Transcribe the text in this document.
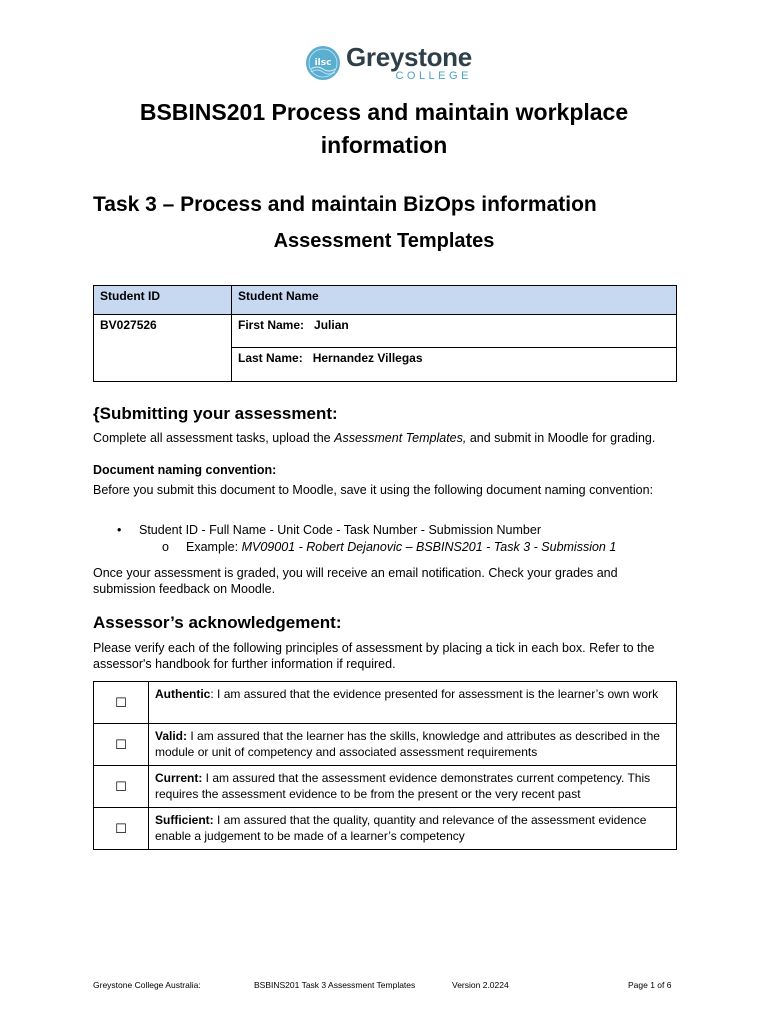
ilsc Greystone
COLLEGE
BSBINS201 Process and maintain workplace
information
Task 3 – Process and maintain BizOps information
Assessment Templates
Student ID	Student Name
BV027526	First Name: Julian
	Last Name: Hernandez Villegas
{Submitting your assessment:
Complete all assessment tasks, upload the Assessment Templates, and submit in Moodle for grading.
Document naming convention:
Before you submit this document to Moodle, save it using the following document naming convention:
• Student ID - Full Name - Unit Code - Task Number - Submission Number
o Example: MV09001 - Robert Dejanovic – BSBINS201 - Task 3 - Submission 1
Once your assessment is graded, you will receive an email notification. Check your grades and submission feedback on Moodle.
Assessor’s acknowledgement:
Please verify each of the following principles of assessment by placing a tick in each box. Refer to the assessor's handbook for further information if required.
☐	Authentic: I am assured that the evidence presented for assessment is the learner’s own work
☐	Valid: I am assured that the learner has the skills, knowledge and attributes as described in the module or unit of competency and associated assessment requirements
☐	Current: I am assured that the assessment evidence demonstrates current competency. This requires the assessment evidence to be from the present or the very recent past
☐	Sufficient: I am assured that the quality, quantity and relevance of the assessment evidence enable a judgement to be made of a learner’s competency
Greystone College Australia:	BSBINS201 Task 3 Assessment Templates	Version 2.0224	Page 1 of 6
